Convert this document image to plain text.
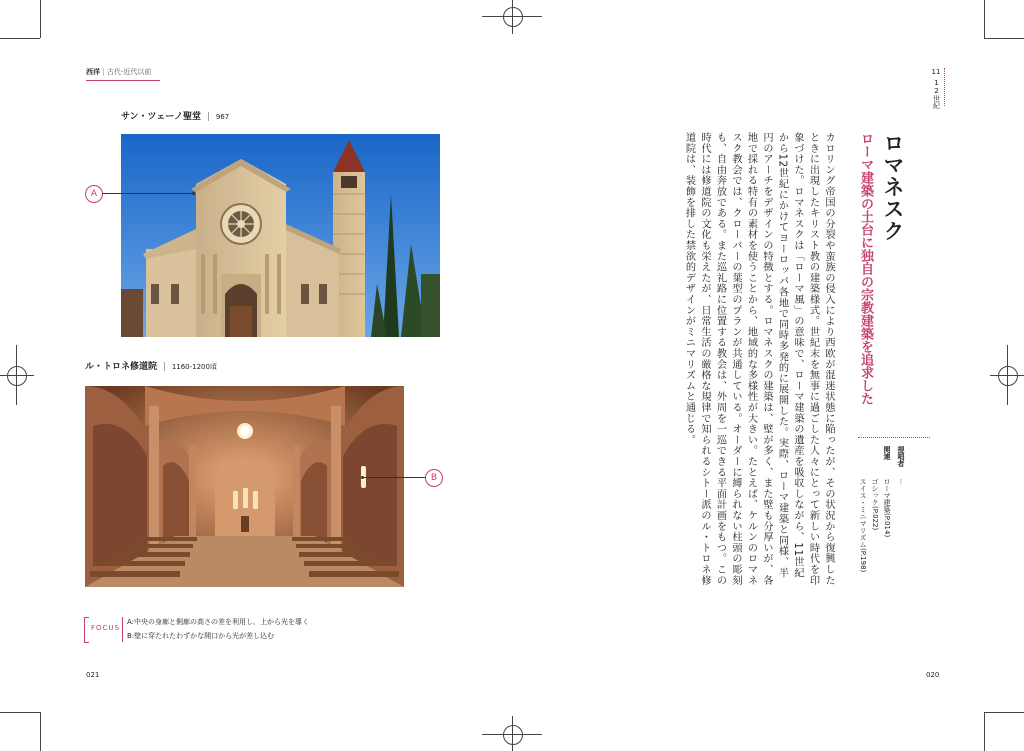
西洋 | 古代-近代以前	11
12世紀
サン・ツェーノ聖堂 | 967
A
ル・トロネ修道院 | 1160-1200頃
B
FOCUS
A:中央の身廊と側廊の高さの差を利用し、上から光を導く
B:壁に穿たれたわずかな開口から光が差し込む
021	020
ロマネスク
ローマ建築の土台に独自の宗教建築を追求した
カロリング帝国の分裂や蛮族の侵入により西欧が混迷状態に陥ったが、その状況から復興したときに出現したキリスト教の建築様式。世紀末を無事に過ごした人々にとって新しい時代を印象づけた。ロマネスクは「ローマ風」の意味で、ローマ建築の遺産を吸収しながら、11世紀から12世紀にかけてヨーロッパ各地で同時多発的に展開した。実際、ローマ建築と同様、半円のアーチをデザインの特徴とする。ロマネスクの建築は、壁が多く、また壁も分厚いが、各地で採れる特有の素材を使うことから、地域的な多様性が大きい。たとえば、ケルンのロマネスク教会では、クローバーの葉型のプランが共通している。オーダーに縛られない柱頭の彫刻も、自由奔放である。また巡礼路に位置する教会は、外周を一巡できる平面計画をもつ。この時代には修道院の文化も栄えたが、日常生活の厳格な規律で知られるシトー派のル・トロネ修道院は、装飾を排した禁欲的デザインがミニマリズムと通じる。
提唱者
ー
関連
ローマ建築(P.014)
ゴシック(P.022)
スイス・ミニマリズム(P.198)
